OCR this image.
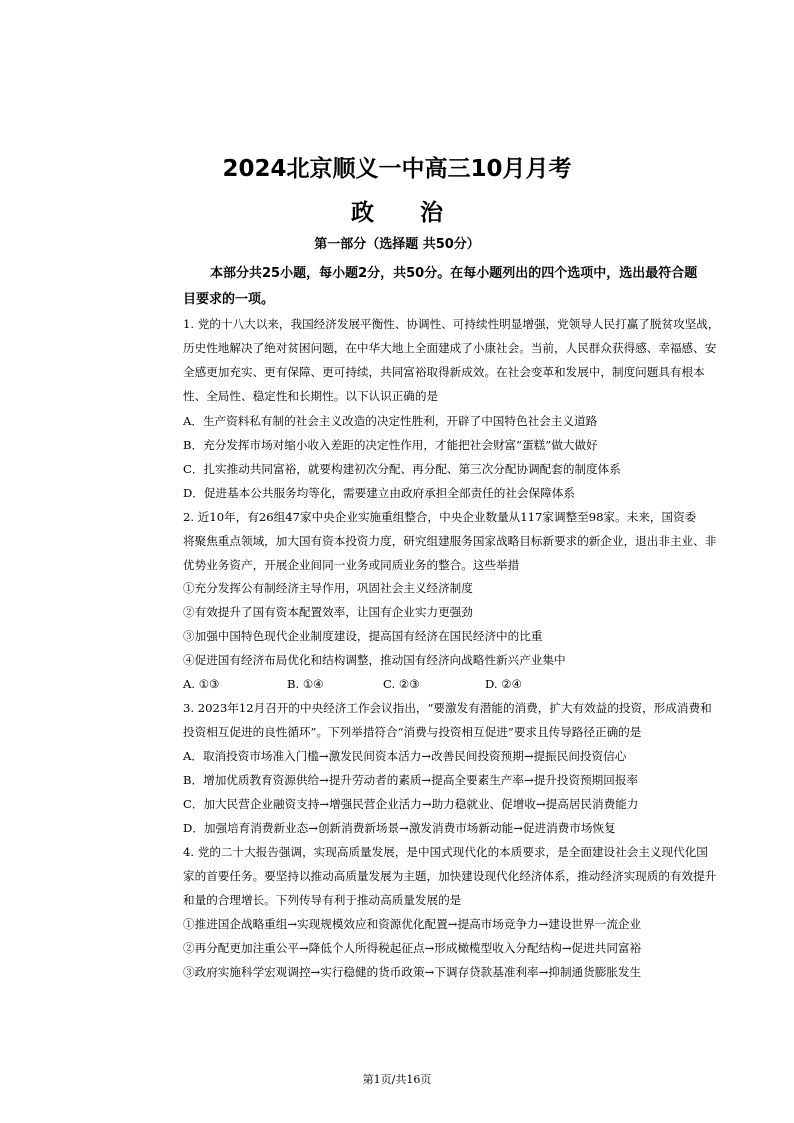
2024北京顺义一中高三10月月考
政　　治
第一部分（选择题 共50分）
本部分共25小题，每小题2分，共50分。在每小题列出的四个选项中，选出最符合题
目要求的一项。
1. 党的十八大以来，我国经济发展平衡性、协调性、可持续性明显增强，党领导人民打赢了脱贫攻坚战，
历史性地解决了绝对贫困问题，在中华大地上全面建成了小康社会。当前，人民群众获得感、幸福感、安
全感更加充实、更有保障、更可持续，共同富裕取得新成效。在社会变革和发展中，制度问题具有根本
性、全局性、稳定性和长期性。以下认识正确的是
A．生产资料私有制的社会主义改造的决定性胜利，开辟了中国特色社会主义道路
B．充分发挥市场对缩小收入差距的决定性作用，才能把社会财富“蛋糕”做大做好
C．扎实推动共同富裕，就要构建初次分配、再分配、第三次分配协调配套的制度体系
D．促进基本公共服务均等化，需要建立由政府承担全部责任的社会保障体系
2. 近10年，有26组47家中央企业实施重组整合，中央企业数量从117家调整至98家。未来，国资委
将聚焦重点领域，加大国有资本投资力度，研究组建服务国家战略目标新要求的新企业，退出非主业、非
优势业务资产，开展企业间同一业务或同质业务的整合。这些举措
①充分发挥公有制经济主导作用，巩固社会主义经济制度
②有效提升了国有资本配置效率，让国有企业实力更强劲
③加强中国特色现代企业制度建设，提高国有经济在国民经济中的比重
④促进国有经济布局优化和结构调整，推动国有经济向战略性新兴产业集中
A. ①③	B. ①④	C. ②③	D. ②④
3. 2023年12月召开的中央经济工作会议指出，“要激发有潜能的消费，扩大有效益的投资，形成消费和
投资相互促进的良性循环”。下列举措符合“消费与投资相互促进”要求且传导路径正确的是
A．取消投资市场准入门槛→激发民间资本活力→改善民间投资预期→提振民间投资信心
B．增加优质教育资源供给→提升劳动者的素质→提高全要素生产率→提升投资预期回报率
C．加大民营企业融资支持→增强民营企业活力→助力稳就业、促增收→提高居民消费能力
D．加强培育消费新业态→创新消费新场景→激发消费市场新动能→促进消费市场恢复
4. 党的二十大报告强调，实现高质量发展，是中国式现代化的本质要求，是全面建设社会主义现代化国
家的首要任务。要坚持以推动高质量发展为主题，加快建设现代化经济体系，推动经济实现质的有效提升
和量的合理增长。下列传导有利于推动高质量发展的是
①推进国企战略重组→实现规模效应和资源优化配置→提高市场竞争力→建设世界一流企业
②再分配更加注重公平→降低个人所得税起征点→形成橄榄型收入分配结构→促进共同富裕
③政府实施科学宏观调控→实行稳健的货币政策→下调存贷款基准利率→抑制通货膨胀发生
第1页/共16页
